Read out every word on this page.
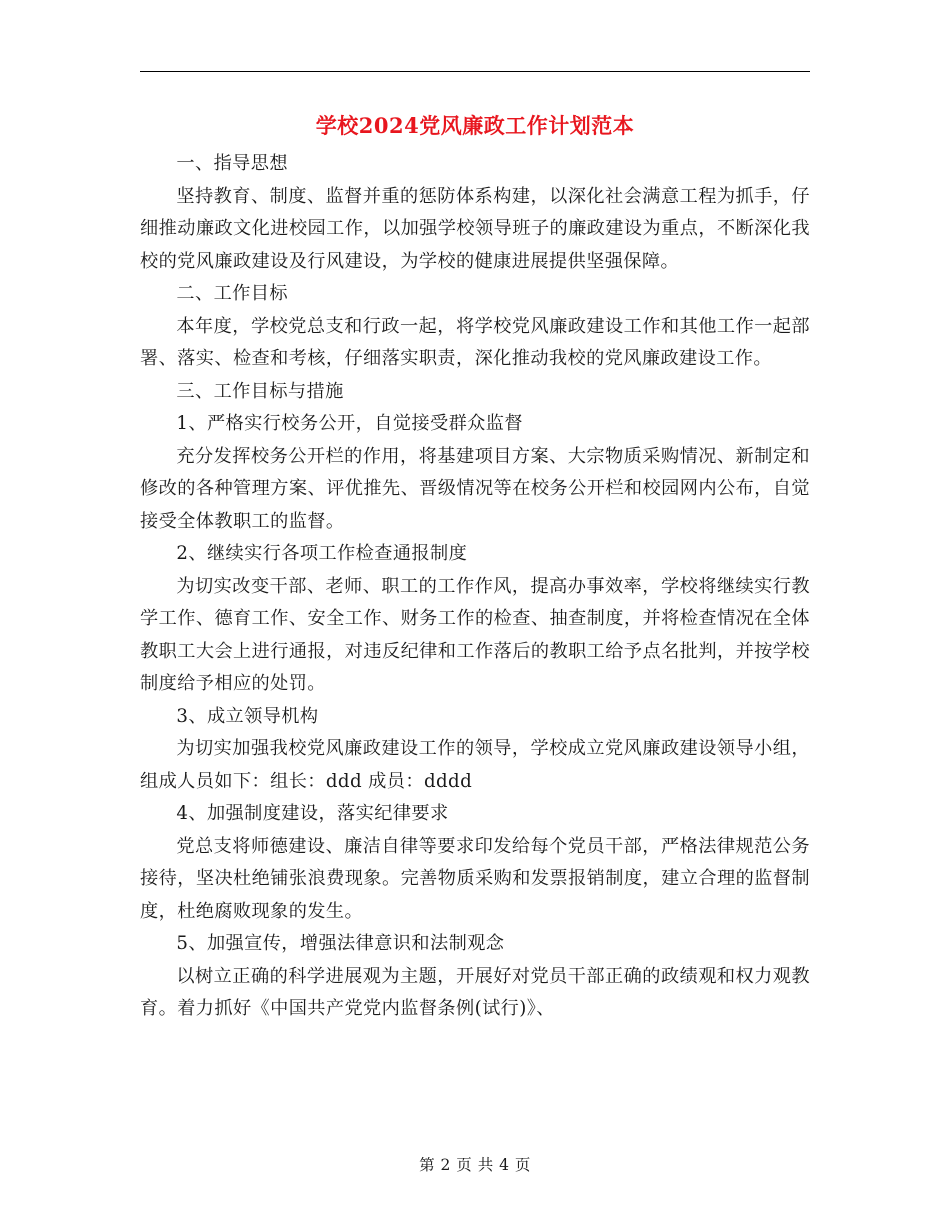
学校2024党风廉政工作计划范本

一、指导思想

坚持教育、制度、监督并重的惩防体系构建，以深化社会满意工程为抓手，仔细推动廉政文化进校园工作，以加强学校领导班子的廉政建设为重点，不断深化我校的党风廉政建设及行风建设，为学校的健康进展提供坚强保障。

二、工作目标

本年度，学校党总支和行政一起，将学校党风廉政建设工作和其他工作一起部署、落实、检查和考核，仔细落实职责，深化推动我校的党风廉政建设工作。

三、工作目标与措施

1、严格实行校务公开，自觉接受群众监督

充分发挥校务公开栏的作用，将基建项目方案、大宗物质采购情况、新制定和修改的各种管理方案、评优推先、晋级情况等在校务公开栏和校园网内公布，自觉接受全体教职工的监督。

2、继续实行各项工作检查通报制度

为切实改变干部、老师、职工的工作作风，提高办事效率，学校将继续实行教学工作、德育工作、安全工作、财务工作的检查、抽查制度，并将检查情况在全体教职工大会上进行通报，对违反纪律和工作落后的教职工给予点名批判，并按学校制度给予相应的处罚。

3、成立领导机构

为切实加强我校党风廉政建设工作的领导，学校成立党风廉政建设领导小组，组成人员如下：组长：ddd 成员：dddd

4、加强制度建设，落实纪律要求

党总支将师德建设、廉洁自律等要求印发给每个党员干部，严格法律规范公务接待，坚决杜绝铺张浪费现象。完善物质采购和发票报销制度，建立合理的监督制度，杜绝腐败现象的发生。

5、加强宣传，增强法律意识和法制观念

以树立正确的科学进展观为主题，开展好对党员干部正确的政绩观和权力观教育。着力抓好《中国共产党党内监督条例(试行)》、

第 2 页 共 4 页
